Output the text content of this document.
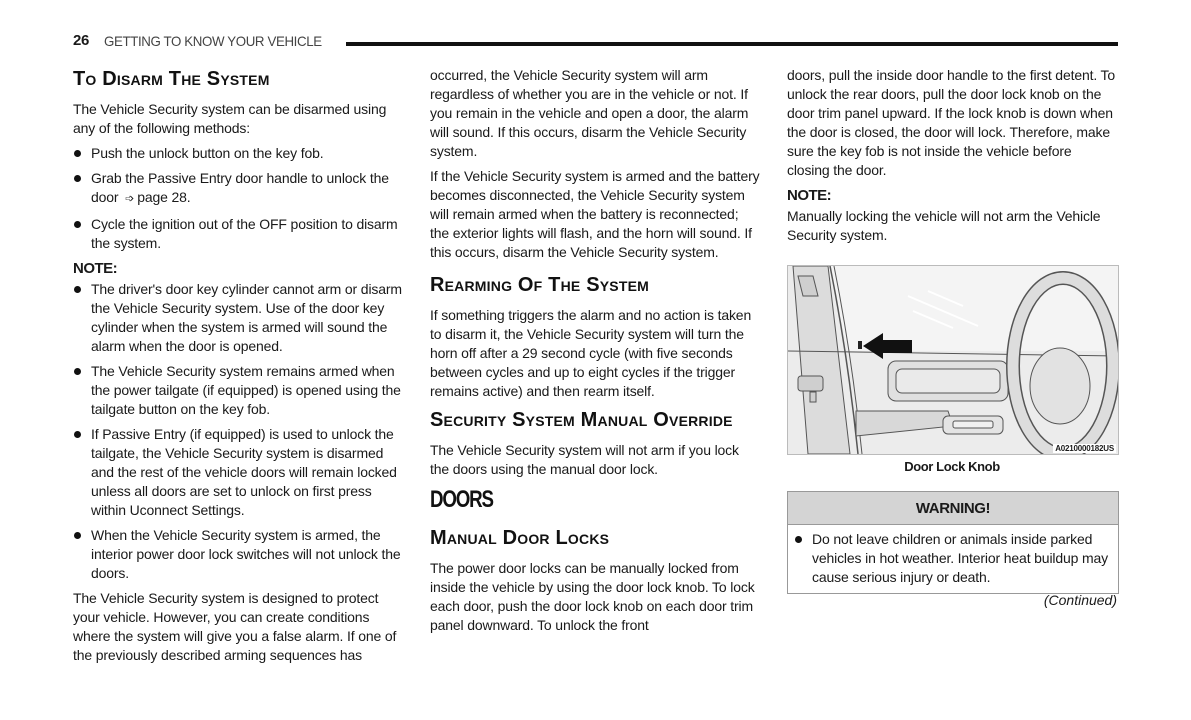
26 GETTING TO KNOW YOUR VEHICLE
To Disarm The System

The Vehicle Security system can be disarmed using any of the following methods:

Push the unlock button on the key fob.
Grab the Passive Entry door handle to unlock the door ➩ page 28.
Cycle the ignition out of the OFF position to disarm the system.
NOTE:
The driver's door key cylinder cannot arm or disarm the Vehicle Security system. Use of the door key cylinder when the system is armed will sound the alarm when the door is opened.
The Vehicle Security system remains armed when the power tailgate (if equipped) is opened using the tailgate button on the key fob.
If Passive Entry (if equipped) is used to unlock the tailgate, the Vehicle Security system is disarmed and the rest of the vehicle doors will remain locked unless all doors are set to unlock on first press within Uconnect Settings.
When the Vehicle Security system is armed, the interior power door lock switches will not unlock the doors.

The Vehicle Security system is designed to protect your vehicle. However, you can create conditions where the system will give you a false alarm. If one of the previously described arming sequences has

occurred, the Vehicle Security system will arm regardless of whether you are in the vehicle or not. If you remain in the vehicle and open a door, the alarm will sound. If this occurs, disarm the Vehicle Security system.

If the Vehicle Security system is armed and the battery becomes disconnected, the Vehicle Security system will remain armed when the battery is reconnected; the exterior lights will flash, and the horn will sound. If this occurs, disarm the Vehicle Security system.

Rearming Of The System

If something triggers the alarm and no action is taken to disarm it, the Vehicle Security system will turn the horn off after a 29 second cycle (with five seconds between cycles and up to eight cycles if the trigger remains active) and then rearm itself.

Security System Manual Override

The Vehicle Security system will not arm if you lock the doors using the manual door lock.

DOORS
Manual Door Locks

The power door locks can be manually locked from inside the vehicle by using the door lock knob. To lock each door, push the door lock knob on each door trim panel downward. To unlock the front

doors, pull the inside door handle to the first detent. To unlock the rear doors, pull the door lock knob on the door trim panel upward. If the lock knob is down when the door is closed, the door will lock. Therefore, make sure the key fob is not inside the vehicle before closing the door.

NOTE:

Manually locking the vehicle will not arm the Vehicle Security system.

A0210000182US
Door Lock Knob
WARNING!
Do not leave children or animals inside parked vehicles in hot weather. Interior heat buildup may cause serious injury or death.
(Continued)
